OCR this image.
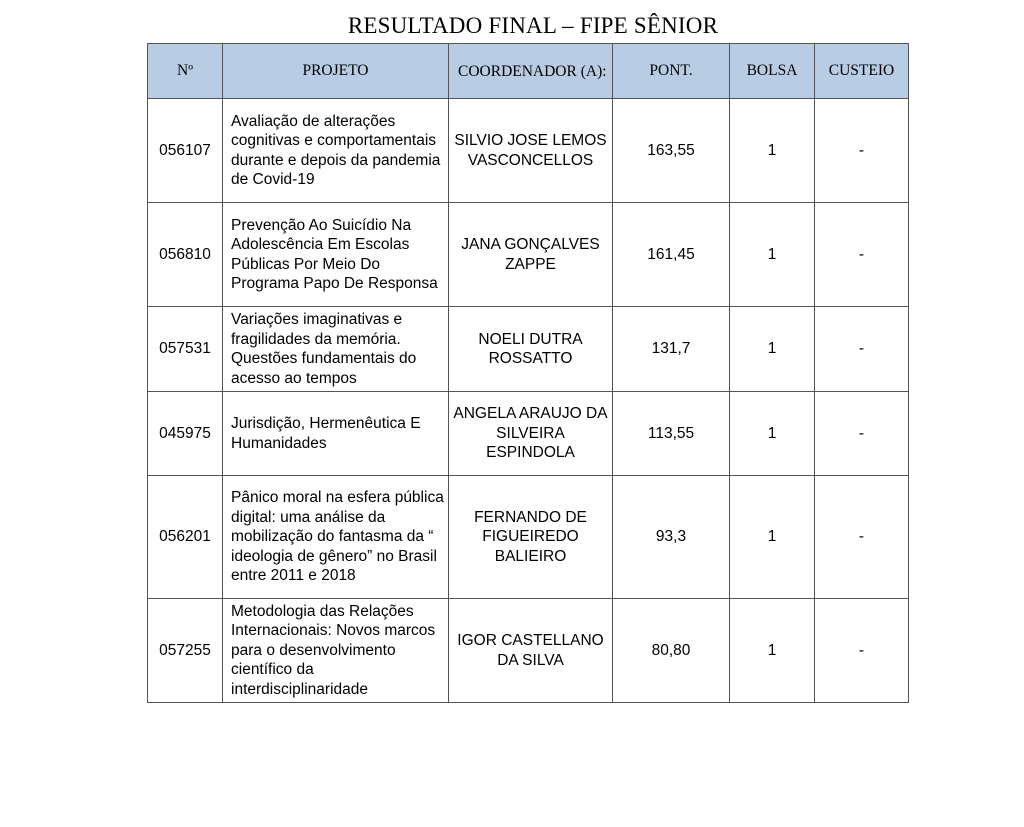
RESULTADO FINAL – FIPE SÊNIOR
Nº	PROJETO	COORDENADOR (A):	PONT.	BOLSA	CUSTEIO
056107	Avaliação de alterações cognitivas e comportamentais durante e depois da pandemia de Covid-19	SILVIO JOSE LEMOS VASCONCELLOS	163,55	1	-
056810	Prevenção Ao Suicídio Na Adolescência Em Escolas Públicas Por Meio Do Programa Papo De Responsa	JANA GONÇALVES ZAPPE	161,45	1	-
057531	Variações imaginativas e fragilidades da memória. Questões fundamentais do acesso ao tempos	NOELI DUTRA ROSSATTO	131,7	1	-
045975	Jurisdição, Hermenêutica E Humanidades	ANGELA ARAUJO DA SILVEIRA ESPINDOLA	113,55	1	-
056201	Pânico moral na esfera pública digital: uma análise da mobilização do fantasma da “ ideologia de gênero” no Brasil entre 2011 e 2018	FERNANDO DE FIGUEIREDO BALIEIRO	93,3	1	-
057255	Metodologia das Relações Internacionais: Novos marcos para o desenvolvimento científico da interdisciplinaridade	IGOR CASTELLANO DA SILVA	80,80	1	-
